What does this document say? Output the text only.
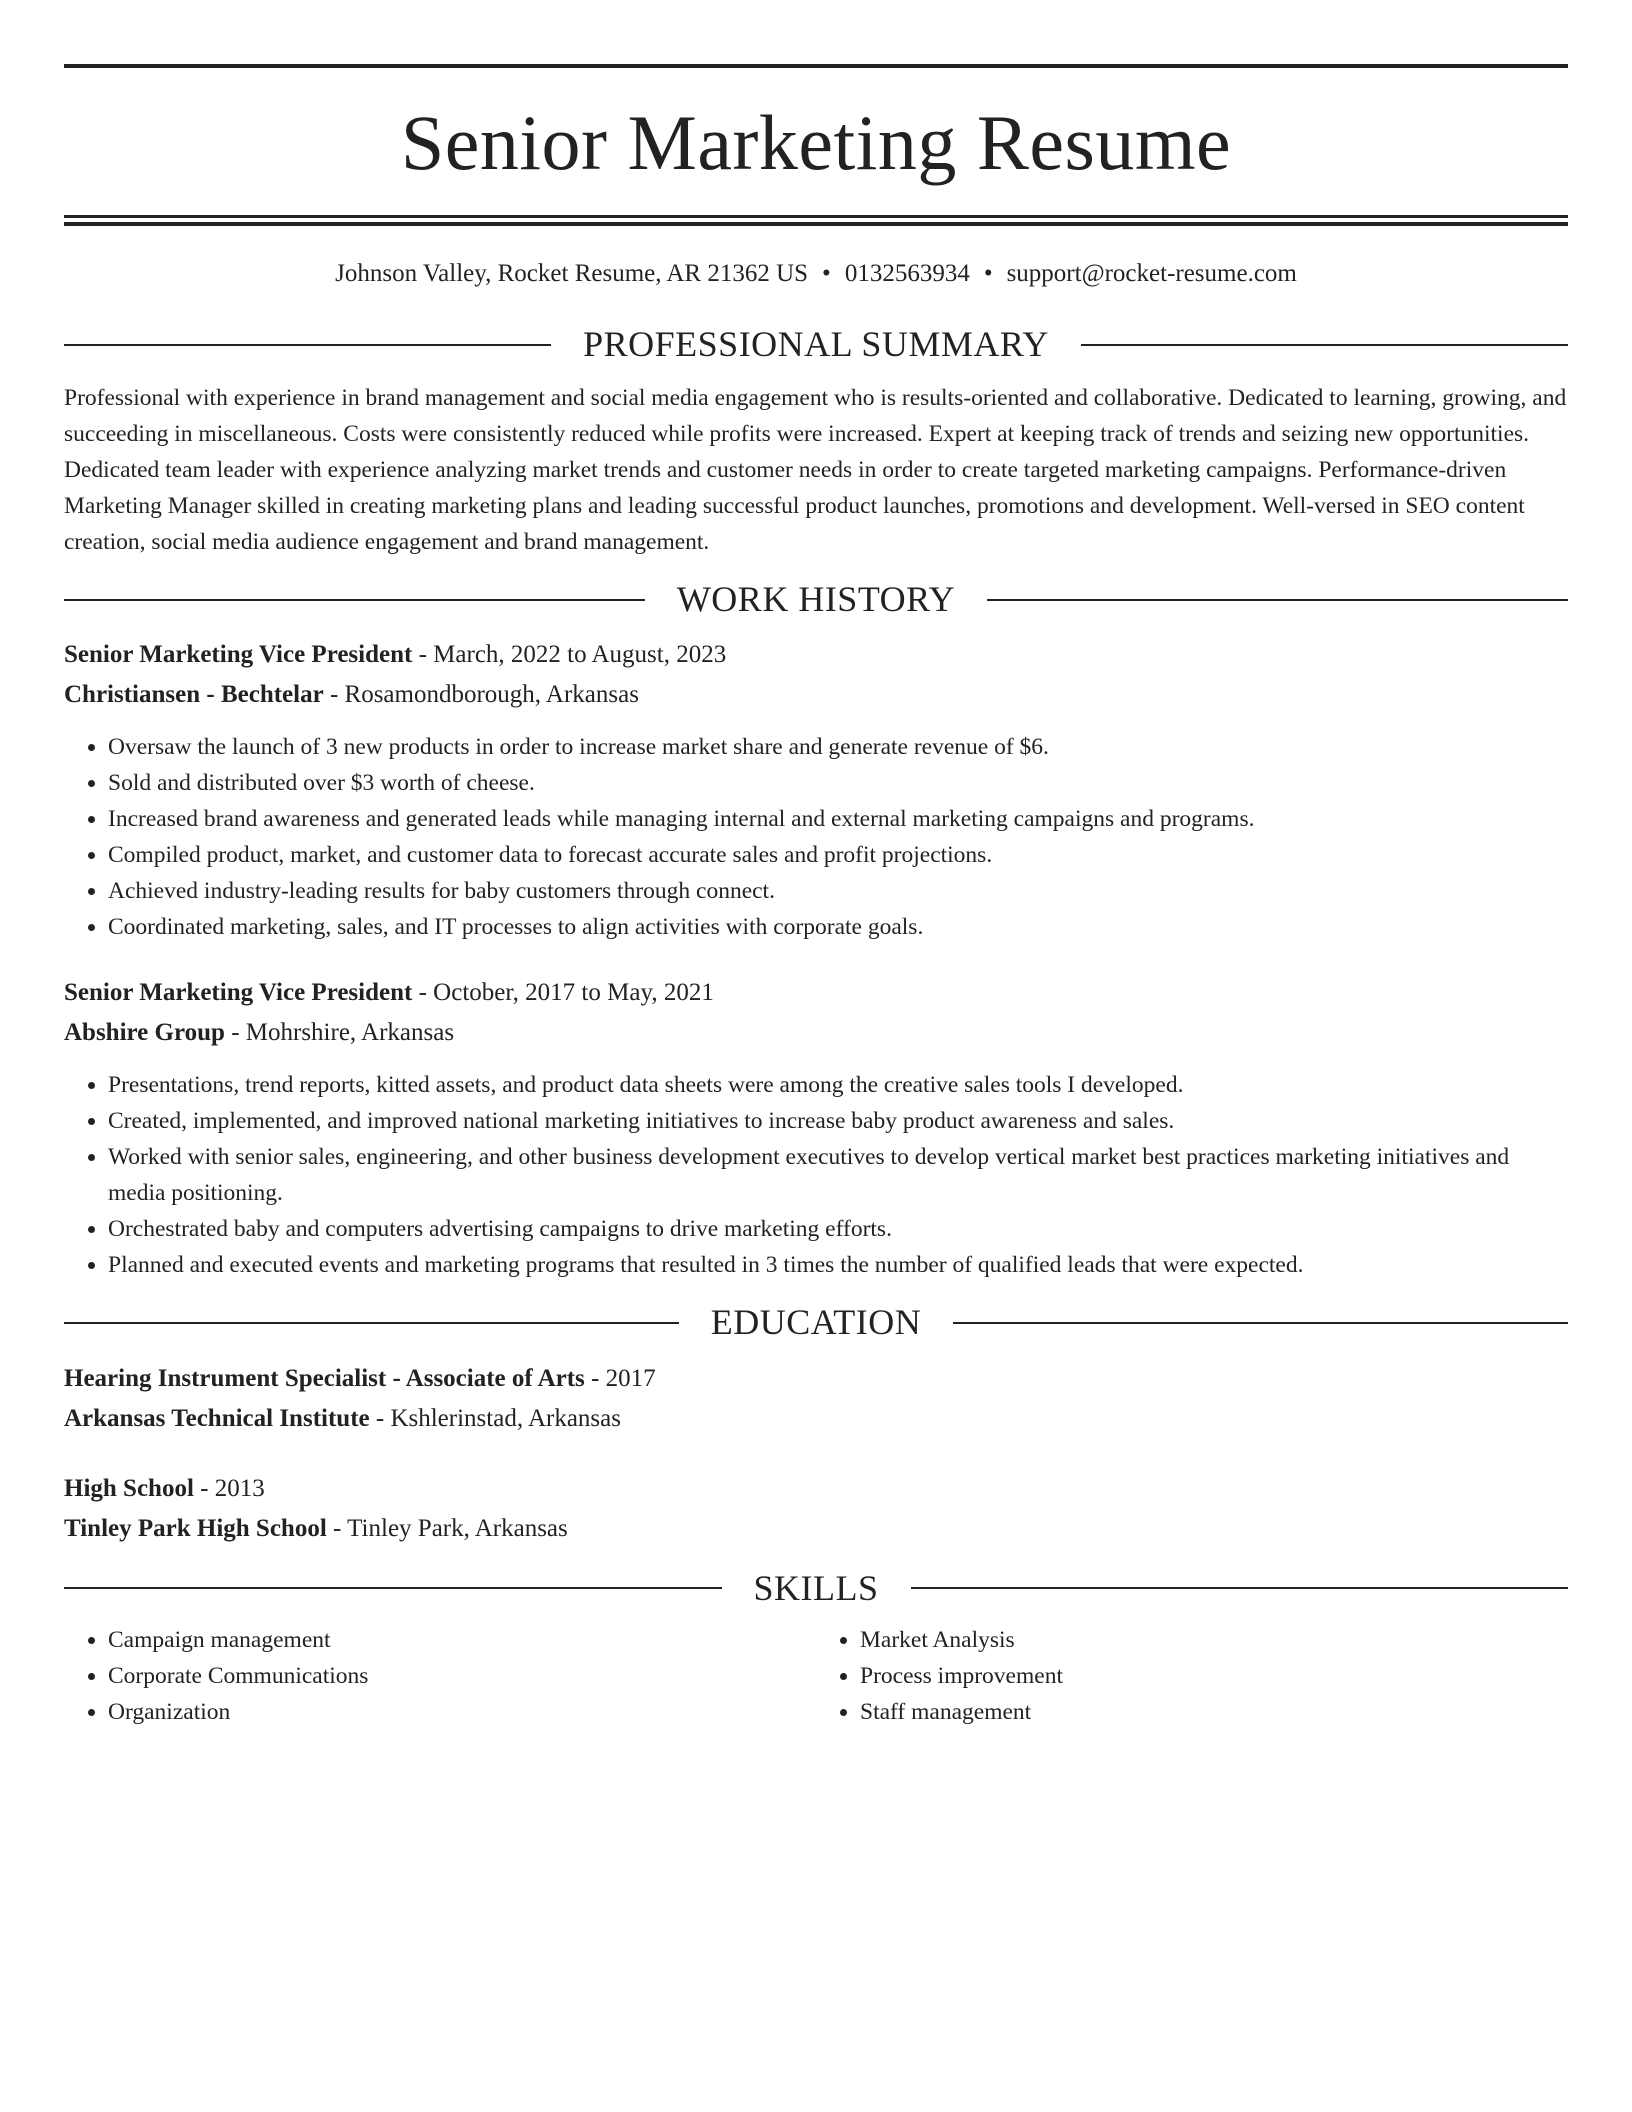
Senior Marketing Resume
Johnson Valley, Rocket Resume, AR 21362 US • 0132563934 • support@rocket-resume.com
PROFESSIONAL SUMMARY
Professional with experience in brand management and social media engagement who is results-oriented and collaborative. Dedicated to learning, growing, and succeeding in miscellaneous. Costs were consistently reduced while profits were increased. Expert at keeping track of trends and seizing new opportunities. Dedicated team leader with experience analyzing market trends and customer needs in order to create targeted marketing campaigns. Performance-driven Marketing Manager skilled in creating marketing plans and leading successful product launches, promotions and development. Well-versed in SEO content creation, social media audience engagement and brand management.
WORK HISTORY
Senior Marketing Vice President - March, 2022 to August, 2023
Christiansen - Bechtelar - Rosamondborough, Arkansas
• Oversaw the launch of 3 new products in order to increase market share and generate revenue of $6.
• Sold and distributed over $3 worth of cheese.
• Increased brand awareness and generated leads while managing internal and external marketing campaigns and programs.
• Compiled product, market, and customer data to forecast accurate sales and profit projections.
• Achieved industry-leading results for baby customers through connect.
• Coordinated marketing, sales, and IT processes to align activities with corporate goals.
Senior Marketing Vice President - October, 2017 to May, 2021
Abshire Group - Mohrshire, Arkansas
• Presentations, trend reports, kitted assets, and product data sheets were among the creative sales tools I developed.
• Created, implemented, and improved national marketing initiatives to increase baby product awareness and sales.
• Worked with senior sales, engineering, and other business development executives to develop vertical market best practices marketing initiatives and media positioning.
• Orchestrated baby and computers advertising campaigns to drive marketing efforts.
• Planned and executed events and marketing programs that resulted in 3 times the number of qualified leads that were expected.
EDUCATION
Hearing Instrument Specialist - Associate of Arts - 2017
Arkansas Technical Institute - Kshlerinstad, Arkansas
High School - 2013
Tinley Park High School - Tinley Park, Arkansas
SKILLS
• Campaign management
• Corporate Communications
• Organization
• Market Analysis
• Process improvement
• Staff management
